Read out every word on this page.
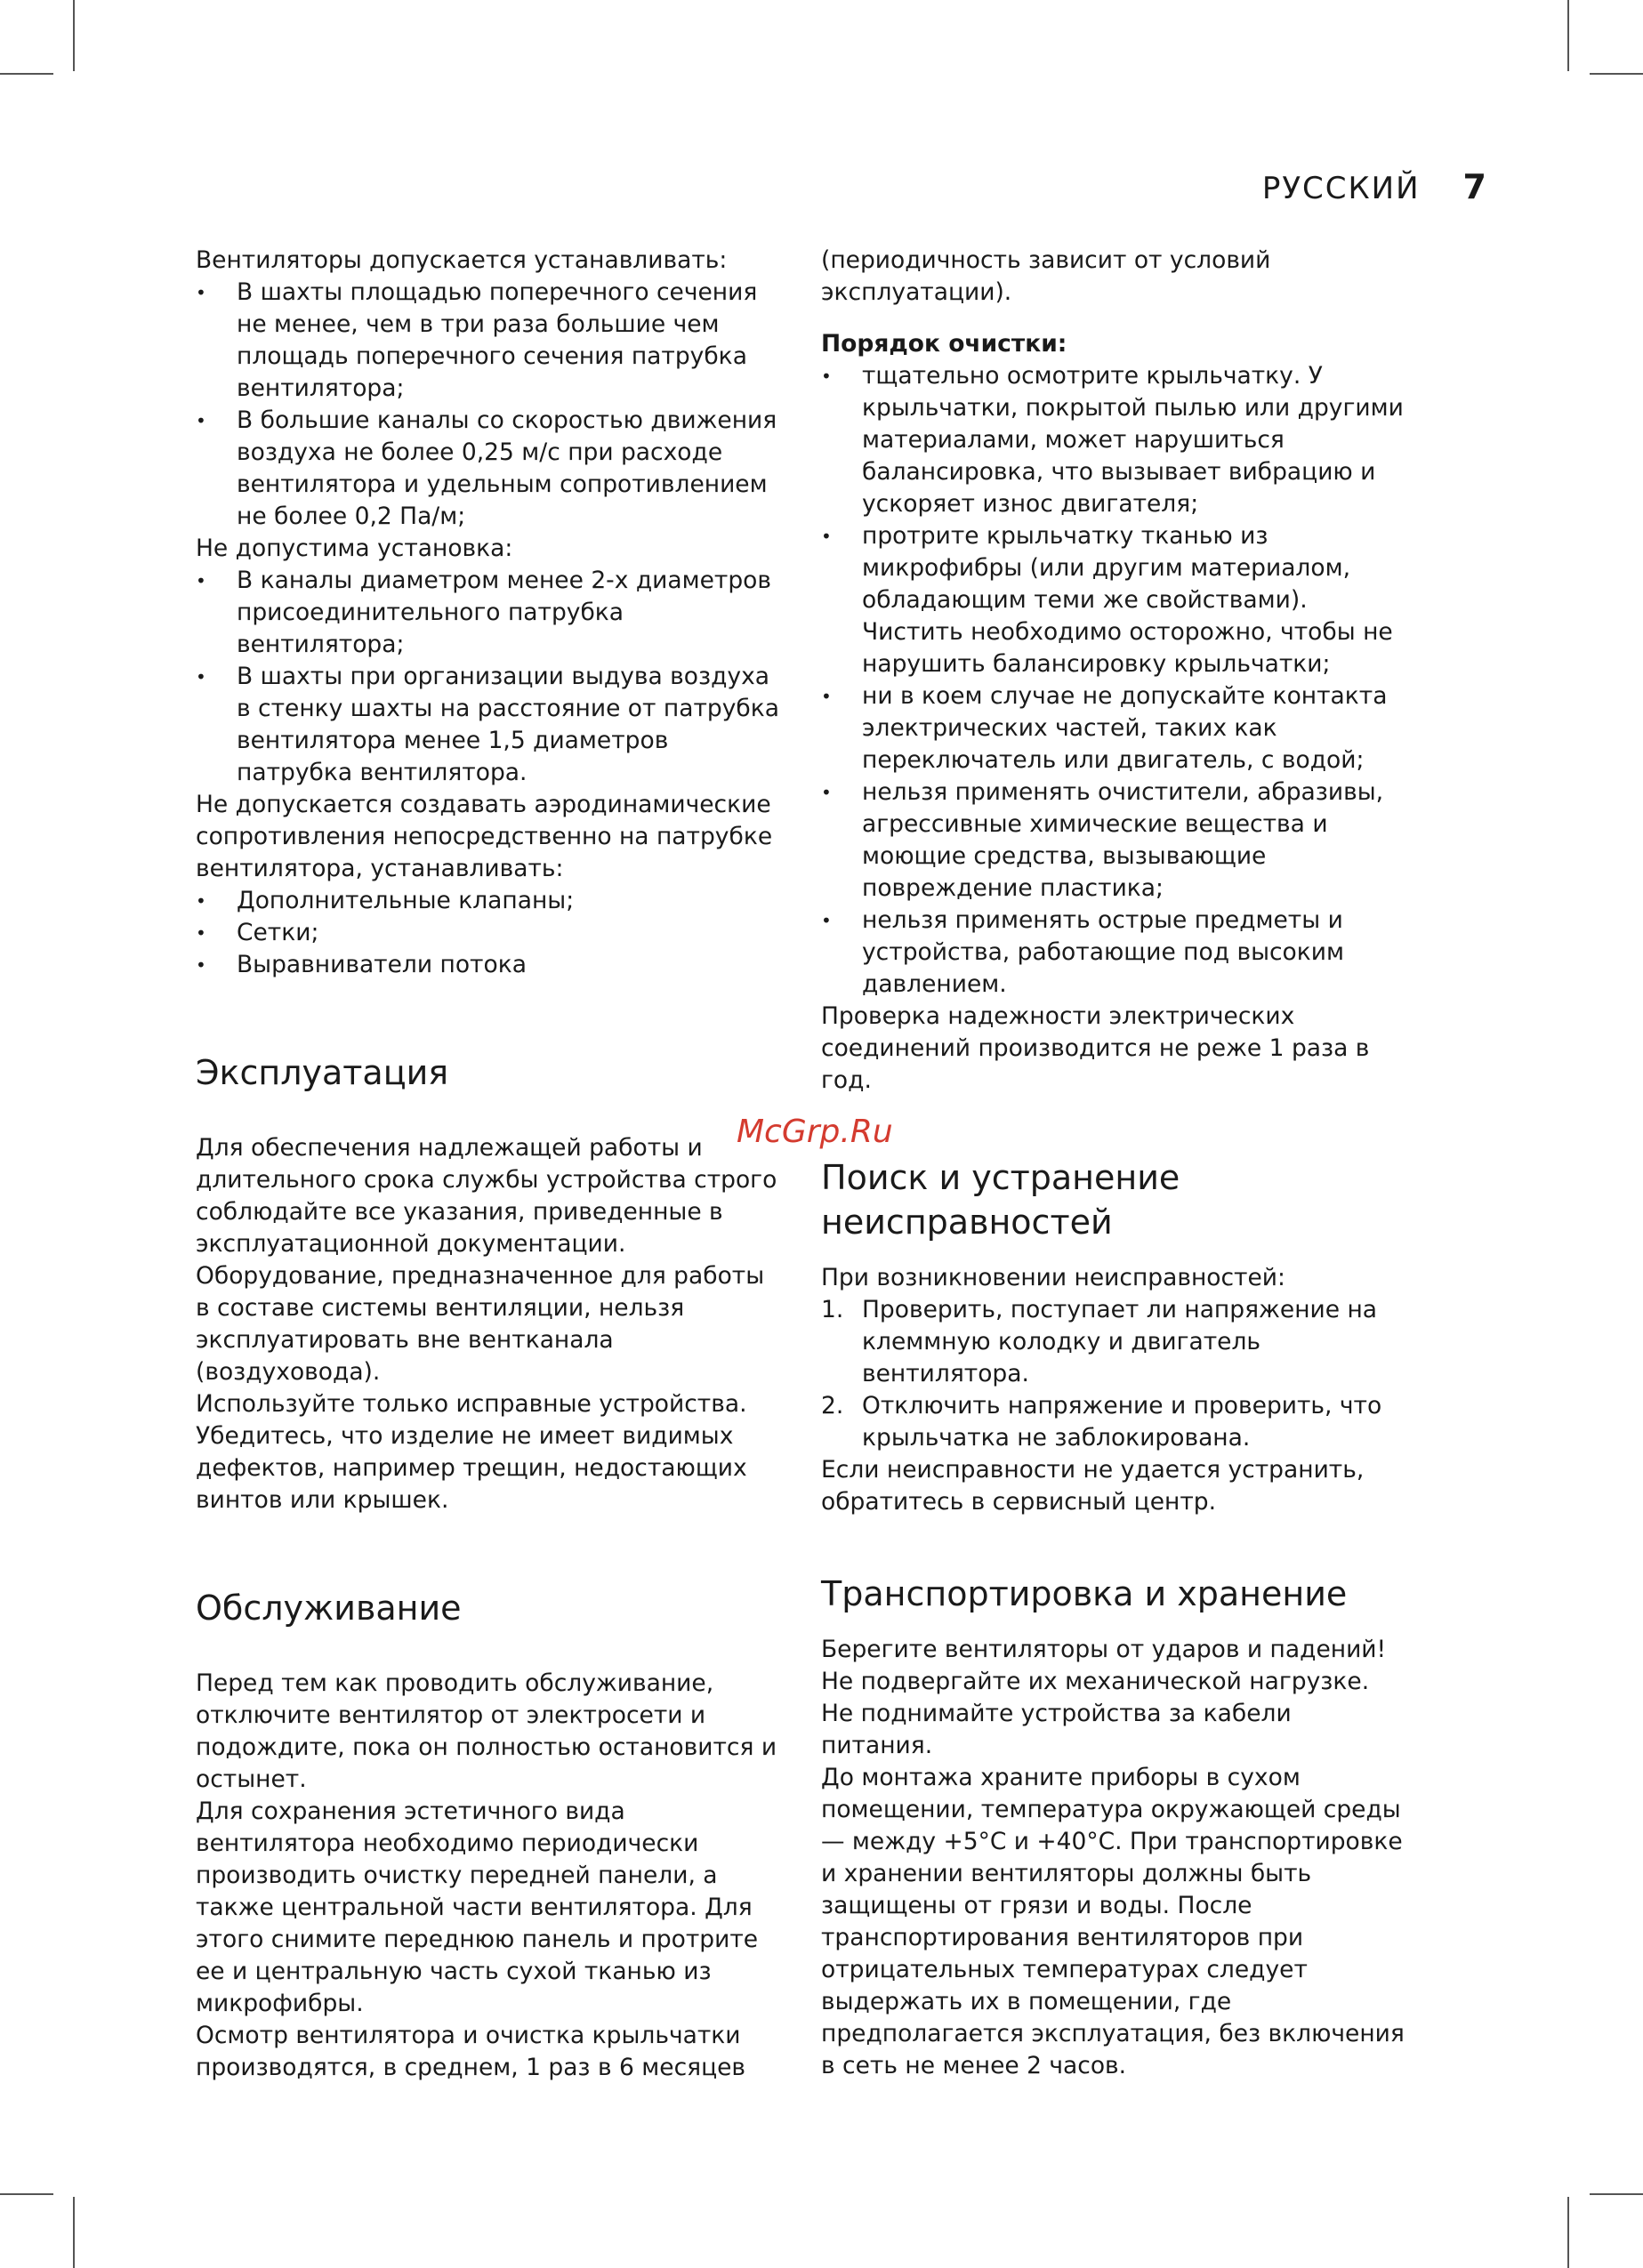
РУССКИЙ 7
McGrp.Ru

Вентиляторы допускается устанавливать:

• В шахты площадью поперечного сечения не менее, чем в три раза большие чем площадь поперечного сечения патрубка вентилятора;
• В большие каналы со скоростью движения воздуха не более 0,25 м/с при расходе вентилятора и удельным сопротивлением не более 0,2 Па/м;

Не допустима установка:

• В каналы диаметром менее 2-х диаметров присоединительного патрубка вентилятора;
• В шахты при организации выдува воздуха в стенку шахты на расстояние от патрубка вентилятора менее 1,5 диаметров патрубка вентилятора.

Не допускается создавать аэродинамические сопротивления непосредственно на патрубке вентилятора, устанавливать:

• Дополнительные клапаны;
• Сетки;
• Выравниватели потока
Эксплуатация

Для обеспечения надлежащей работы и длительного срока службы устройства строго соблюдайте все указания, приведенные в эксплуатационной документации.

Оборудование, предназначенное для работы в составе системы вентиляции, нельзя эксплуатировать вне вентканала (воздуховода).

Используйте только исправные устройства. Убедитесь, что изделие не имеет видимых дефектов, например трещин, недостающих винтов или крышек.

Обслуживание

Перед тем как проводить обслуживание, отключите вентилятор от электросети и подождите, пока он полностью остановится и остынет.

Для сохранения эстетичного вида вентилятора необходимо периодически производить очистку передней панели, а также центральной части вентилятора. Для этого снимите переднюю панель и протрите ее и центральную часть сухой тканью из микрофибры.

Осмотр вентилятора и очистка крыльчатки производятся, в среднем, 1 раз в 6 месяцев

(периодичность зависит от условий эксплуатации).

Порядок очистки:

• тщательно осмотрите крыльчатку. У крыльчатки, покрытой пылью или другими материалами, может нарушиться балансировка, что вызывает вибрацию и ускоряет износ двигателя;
• протрите крыльчатку тканью из микрофибры (или другим материалом, обладающим теми же свойствами). Чистить необходимо осторожно, чтобы не нарушить балансировку крыльчатки;
• ни в коем случае не допускайте контакта электрических частей, таких как переключатель или двигатель, с водой;
• нельзя применять очистители, абразивы, агрессивные химические вещества и моющие средства, вызывающие повреждение пластика;
• нельзя применять острые предметы и устройства, работающие под высоким давлением.

Проверка надежности электрических соединений производится не реже 1 раза в год.

Поиск и устранение неисправностей

При возникновении неисправностей:

1. Проверить, поступает ли напряжение на клеммную колодку и двигатель вентилятора.
2. Отключить напряжение и проверить, что крыльчатка не заблокирована.

Если неисправности не удается устранить, обратитесь в сервисный центр.

Транспортировка и хранение

Берегите вентиляторы от ударов и падений!

Не подвергайте их механической нагрузке.

Не поднимайте устройства за кабели питания.

До монтажа храните приборы в сухом помещении, температура окружающей среды — между +5°C и +40°C. При транспортировке и хранении вентиляторы должны быть защищены от грязи и воды. После транспортирования вентиляторов при отрицательных температурах следует выдержать их в помещении, где предполагается эксплуатация, без включения в сеть не менее 2 часов.
